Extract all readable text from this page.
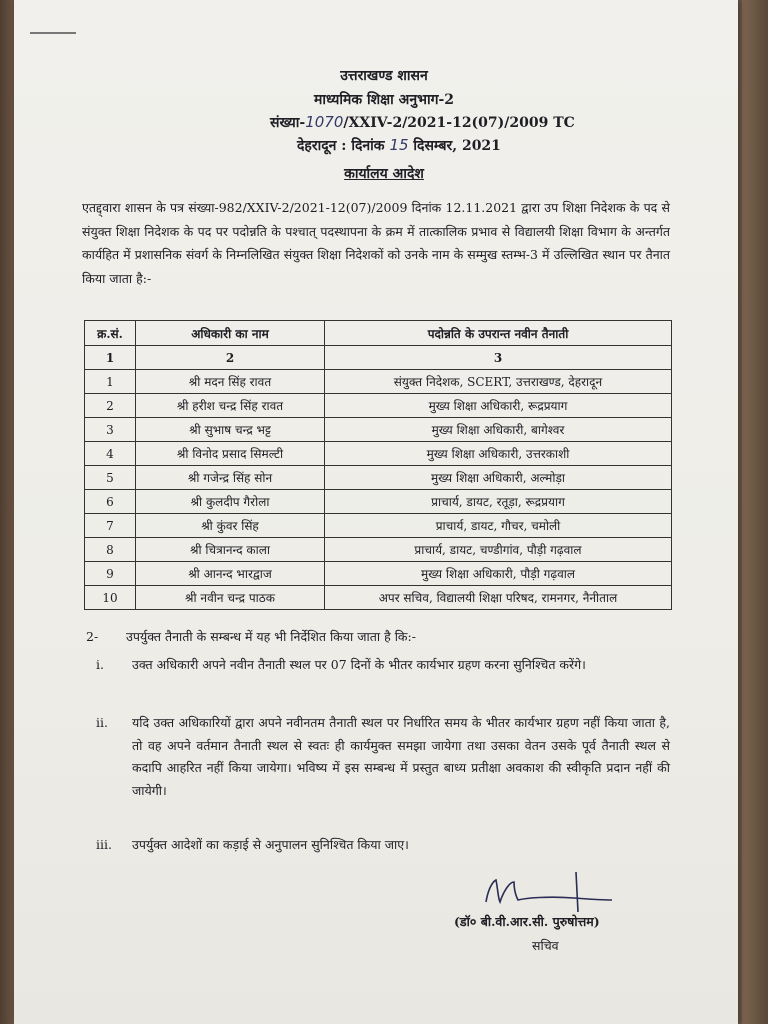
उत्तराखण्ड शासन
माध्यमिक शिक्षा अनुभाग-2
संख्या-1070/XXIV-2/2021-12(07)/2009 TC
देहरादून : दिनांक 15 दिसम्बर, 2021
कार्यालय आदेश
एतद्द्वारा शासन के पत्र संख्या-982/XXIV-2/2021-12(07)/2009 दिनांक 12.11.2021 द्वारा उप शिक्षा निदेशक के पद से संयुक्त शिक्षा निदेशक के पद पर पदोन्नति के पश्चात् पदस्थापना के क्रम में तात्कालिक प्रभाव से विद्यालयी शिक्षा विभाग के अन्तर्गत कार्यहित में प्रशासनिक संवर्ग के निम्नलिखित संयुक्त शिक्षा निदेशकों को उनके नाम के सम्मुख स्तम्भ-3 में उल्लिखित स्थान पर तैनात किया जाता है:-
क्र.सं.	अधिकारी का नाम	पदोन्नति के उपरान्त नवीन तैनाती
1	2	3
1	श्री मदन सिंह रावत	संयुक्त निदेशक, SCERT, उत्तराखण्ड, देहरादून
2	श्री हरीश चन्द्र सिंह रावत	मुख्य शिक्षा अधिकारी, रूद्रप्रयाग
3	श्री सुभाष चन्द्र भट्ट	मुख्य शिक्षा अधिकारी, बागेश्वर
4	श्री विनोद प्रसाद सिमल्टी	मुख्य शिक्षा अधिकारी, उत्तरकाशी
5	श्री गजेन्द्र सिंह सोन	मुख्य शिक्षा अधिकारी, अल्मोड़ा
6	श्री कुलदीप गैरोला	प्राचार्य, डायट, रतूड़ा, रूद्रप्रयाग
7	श्री कुंवर सिंह	प्राचार्य, डायट, गौचर, चमोली
8	श्री चित्रानन्द काला	प्राचार्य, डायट, चण्डीगांव, पौड़ी गढ़वाल
9	श्री आनन्द भारद्वाज	मुख्य शिक्षा अधिकारी, पौड़ी गढ़वाल
10	श्री नवीन चन्द्र पाठक	अपर सचिव, विद्यालयी शिक्षा परिषद, रामनगर, नैनीताल
2- उपर्युक्त तैनाती के सम्बन्ध में यह भी निर्देशित किया जाता है कि:-
i.	उक्त अधिकारी अपने नवीन तैनाती स्थल पर 07 दिनों के भीतर कार्यभार ग्रहण करना सुनिश्चित करेंगे।
ii.	यदि उक्त अधिकारियों द्वारा अपने नवीनतम तैनाती स्थल पर निर्धारित समय के भीतर कार्यभार ग्रहण नहीं किया जाता है, तो वह अपने वर्तमान तैनाती स्थल से स्वतः ही कार्यमुक्त समझा जायेगा तथा उसका वेतन उसके पूर्व तैनाती स्थल से कदापि आहरित नहीं किया जायेगा। भविष्य में इस सम्बन्ध में प्रस्तुत बाध्य प्रतीक्षा अवकाश की स्वीकृति प्रदान नहीं की जायेगी।
iii.	उपर्युक्त आदेशों का कड़ाई से अनुपालन सुनिश्चित किया जाए।
(डॉ० बी.वी.आर.सी. पुरुषोत्तम)
सचिव
